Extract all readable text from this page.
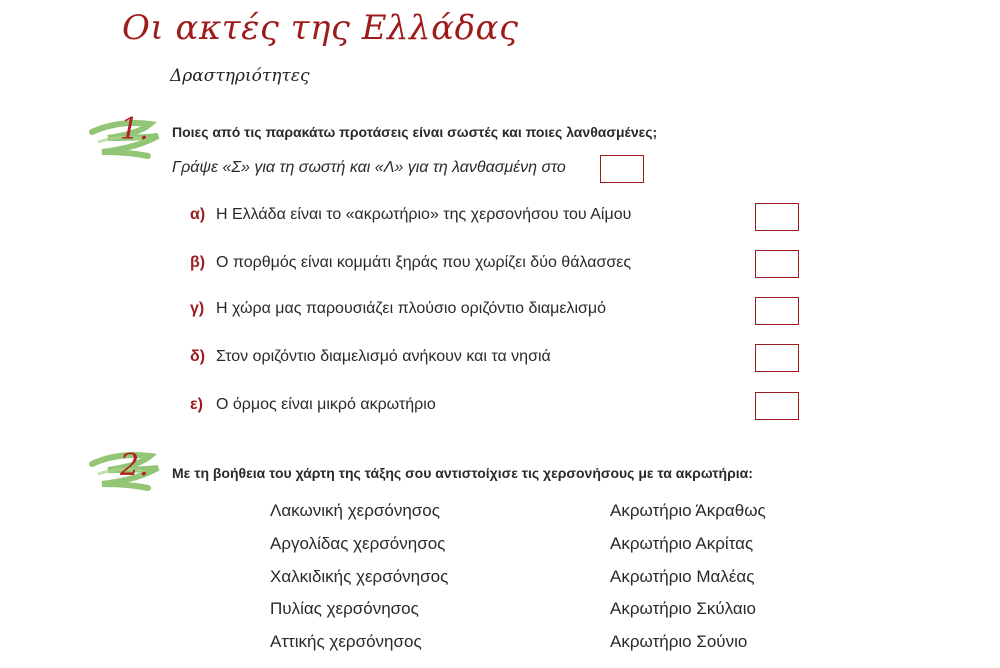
Οι ακτές της Ελλάδας
Δραστηριότητες
1. Ποιες από τις παρακάτω προτάσεις είναι σωστές και ποιες λανθασμένες;
Γράψε «Σ» για τη σωστή και «Λ» για τη λανθασμένη στο
α) Η Ελλάδα είναι το «ακρωτήριο» της χερσονήσου του Αίμου
β) Ο πορθμός είναι κομμάτι ξηράς που χωρίζει δύο θάλασσες
γ) Η χώρα μας παρουσιάζει πλούσιο οριζόντιο διαμελισμό
δ) Στον οριζόντιο διαμελισμό ανήκουν και τα νησιά
ε) Ο όρμος είναι μικρό ακρωτήριο
2. Με τη βοήθεια του χάρτη της τάξης σου αντιστοίχισε τις χερσονήσους με τα ακρωτήρια:
Λακωνική χερσόνησος
Αργολίδας χερσόνησος
Χαλκιδικής χερσόνησος
Πυλίας χερσόνησος
Αττικής χερσόνησος
Ακρωτήριο Άκραθως
Ακρωτήριο Ακρίτας
Ακρωτήριο Μαλέας
Ακρωτήριο Σκύλαιο
Ακρωτήριο Σούνιο
